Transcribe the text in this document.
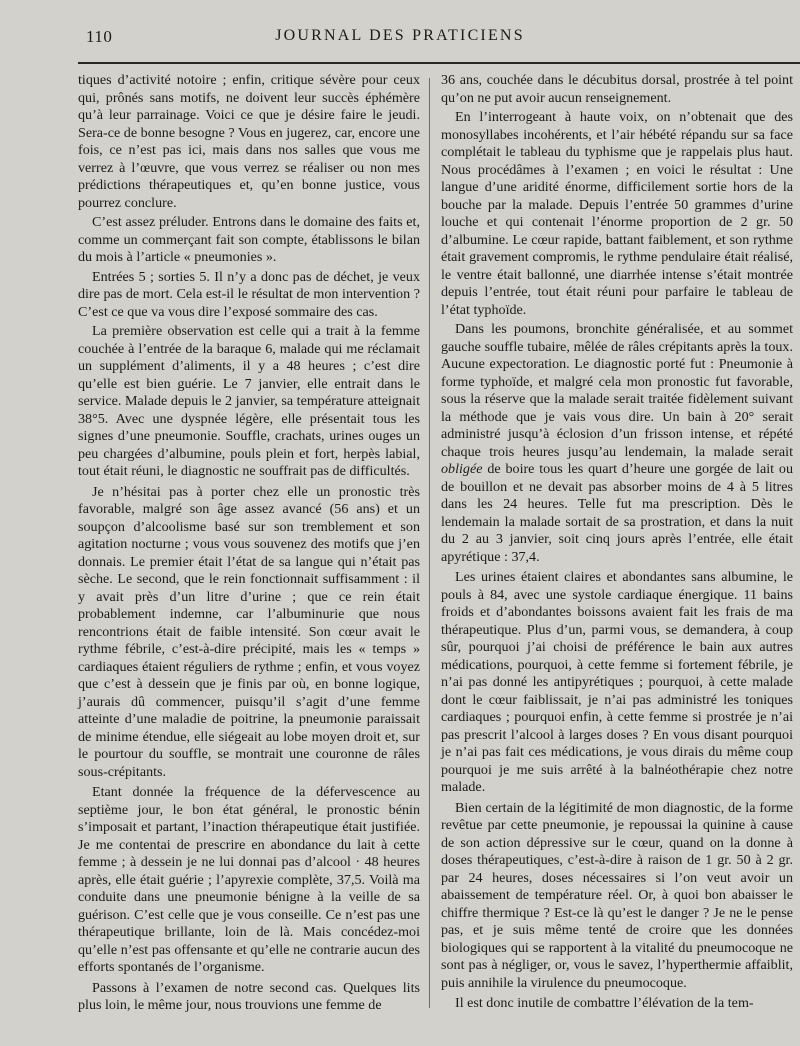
110	JOURNAL DES PRATICIENS

tiques d’activité notoire ; enfin, critique sévère pour ceux qui, prônés sans motifs, ne doivent leur succès éphémère qu’à leur parrainage. Voici ce que je désire faire le jeudi. Sera-ce de bonne besogne ? Vous en jugerez, car, encore une fois, ce n’est pas ici, mais dans nos salles que vous me verrez à l’œuvre, que vous verrez se réaliser ou non mes prédictions thérapeutiques et, qu’en bonne justice, vous pourrez conclure.

C’est assez préluder. Entrons dans le domaine des faits et, comme un commerçant fait son compte, établissons le bilan du mois à l’article « pneumonies ».

Entrées 5 ; sorties 5. Il n’y a donc pas de déchet, je veux dire pas de mort. Cela est-il le résultat de mon intervention ? C’est ce que va vous dire l’exposé sommaire des cas.

La première observation est celle qui a trait à la femme couchée à l’entrée de la baraque 6, malade qui me réclamait un supplément d’aliments, il y a 48 heures ; c’est dire qu’elle est bien guérie. Le 7 janvier, elle entrait dans le service. Malade depuis le 2 janvier, sa température atteignait 38°5. Avec une dyspnée légère, elle présentait tous les signes d’une pneumonie. Souffle, crachats, urines ouges un peu chargées d’albumine, pouls plein et fort, herpès labial, tout était réuni, le diagnostic ne souffrait pas de difficultés.

Je n’hésitai pas à porter chez elle un pronostic très favorable, malgré son âge assez avancé (56 ans) et un soupçon d’alcoolisme basé sur son tremblement et son agitation nocturne ; vous vous souvenez des motifs que j’en donnais. Le premier était l’état de sa langue qui n’était pas sèche. Le second, que le rein fonctionnait suffisamment : il y avait près d’un litre d’urine ; que ce rein était probablement indemne, car l’albuminurie que nous rencontrions était de faible intensité. Son cœur avait le rythme fébrile, c’est-à-dire précipité, mais les « temps » cardiaques étaient réguliers de rythme ; enfin, et vous voyez que c’est à dessein que je finis par où, en bonne logique, j’aurais dû commencer, puisqu’il s’agit d’une femme atteinte d’une maladie de poitrine, la pneumonie paraissait de minime étendue, elle siégeait au lobe moyen droit et, sur le pourtour du souffle, se montrait une couronne de râles sous-crépitants.

Etant donnée la fréquence de la défervescence au septième jour, le bon état général, le pronostic bénin s’imposait et partant, l’inaction thérapeutique était justifiée. Je me contentai de prescrire en abondance du lait à cette femme ; à dessein je ne lui donnai pas d’alcool · 48 heures après, elle était guérie ; l’apyrexie complète, 37,5. Voilà ma conduite dans une pneumonie bénigne à la veille de sa guérison. C’est celle que je vous conseille. Ce n’est pas une thérapeutique brillante, loin de là. Mais concédez-moi qu’elle n’est pas offensante et qu’elle ne contrarie aucun des efforts spontanés de l’organisme.

Passons à l’examen de notre second cas. Quelques lits plus loin, le même jour, nous trouvions une femme de

36 ans, couchée dans le décubitus dorsal, prostrée à tel point qu’on ne put avoir aucun renseignement.

En l’interrogeant à haute voix, on n’obtenait que des monosyllabes incohérents, et l’air hébété répandu sur sa face complétait le tableau du typhisme que je rappelais plus haut. Nous procédâmes à l’examen ; en voici le résultat : Une langue d’une aridité énorme, difficilement sortie hors de la bouche par la malade. Depuis l’entrée 50 grammes d’urine louche et qui contenait l’énorme proportion de 2 gr. 50 d’albumine. Le cœur rapide, battant faiblement, et son rythme était gravement compromis, le rythme pendulaire était réalisé, le ventre était ballonné, une diarrhée intense s’était montrée depuis l’entrée, tout était réuni pour parfaire le tableau de l’état typhoïde.

Dans les poumons, bronchite généralisée, et au sommet gauche souffle tubaire, mêlée de râles crépitants après la toux. Aucune expectoration. Le diagnostic porté fut : Pneumonie à forme typhoïde, et malgré cela mon pronostic fut favorable, sous la réserve que la malade serait traitée fidèlement suivant la méthode que je vais vous dire. Un bain à 20° serait administré jusqu’à éclosion d’un frisson intense, et répété chaque trois heures jusqu’au lendemain, la malade serait obligée de boire tous les quart d’heure une gorgée de lait ou de bouillon et ne devait pas absorber moins de 4 à 5 litres dans les 24 heures. Telle fut ma prescription. Dès le lendemain la malade sortait de sa prostration, et dans la nuit du 2 au 3 janvier, soit cinq jours après l’entrée, elle était apyrétique : 37,4.

Les urines étaient claires et abondantes sans albumine, le pouls à 84, avec une systole cardiaque énergique. 11 bains froids et d’abondantes boissons avaient fait les frais de ma thérapeutique. Plus d’un, parmi vous, se demandera, à coup sûr, pourquoi j’ai choisi de préférence le bain aux autres médications, pourquoi, à cette femme si fortement fébrile, je n’ai pas donné les antipyrétiques ; pourquoi, à cette malade dont le cœur faiblissait, je n’ai pas administré les toniques cardiaques ; pourquoi enfin, à cette femme si prostrée je n’ai pas prescrit l’alcool à larges doses ? En vous disant pourquoi je n’ai pas fait ces médications, je vous dirais du même coup pourquoi je me suis arrêté à la balnéothérapie chez notre malade.

Bien certain de la légitimité de mon diagnostic, de la forme revêtue par cette pneumonie, je repoussai la quinine à cause de son action dépressive sur le cœur, quand on la donne à doses thérapeutiques, c’est-à-dire à raison de 1 gr. 50 à 2 gr. par 24 heures, doses nécessaires si l’on veut avoir un abaissement de température réel. Or, à quoi bon abaisser le chiffre thermique ? Est-ce là qu’est le danger ? Je ne le pense pas, et je suis même tenté de croire que les données biologiques qui se rapportent à la vitalité du pneumocoque ne sont pas à négliger, or, vous le savez, l’hyperthermie affaiblit, puis annihile la virulence du pneumocoque.

Il est donc inutile de combattre l’élévation de la tem-
